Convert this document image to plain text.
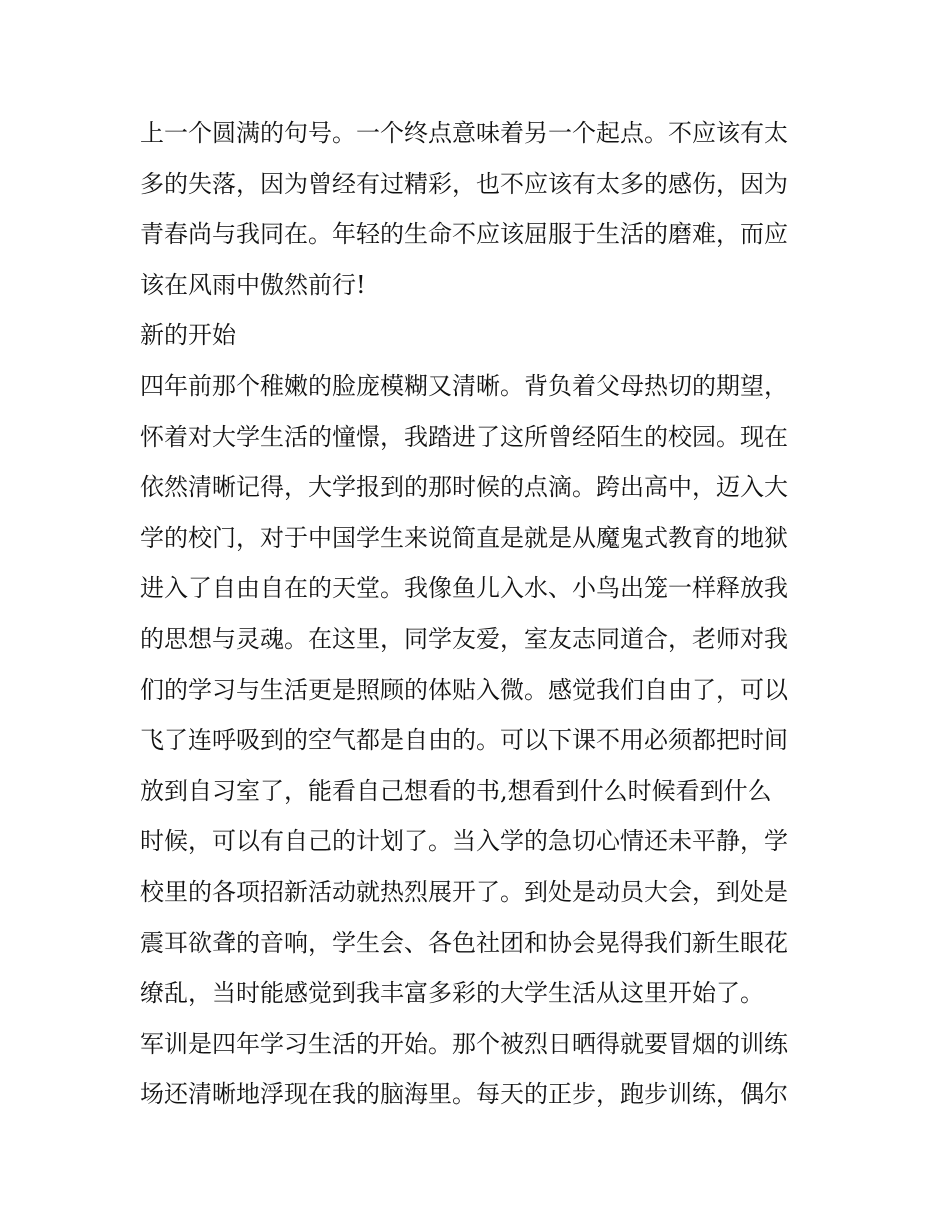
上一个圆满的句号。一个终点意味着另一个起点。不应该有太
多的失落，因为曾经有过精彩，也不应该有太多的感伤，因为
青春尚与我同在。年轻的生命不应该屈服于生活的磨难，而应
该在风雨中傲然前行!
新的开始
四年前那个稚嫩的脸庞模糊又清晰。背负着父母热切的期望，
怀着对大学生活的憧憬，我踏进了这所曾经陌生的校园。现在
依然清晰记得，大学报到的那时候的点滴。跨出高中，迈入大
学的校门，对于中国学生来说简直是就是从魔鬼式教育的地狱
进入了自由自在的天堂。我像鱼儿入水、小鸟出笼一样释放我
的思想与灵魂。在这里，同学友爱，室友志同道合，老师对我
们的学习与生活更是照顾的体贴入微。感觉我们自由了，可以
飞了连呼吸到的空气都是自由的。可以下课不用必须都把时间
放到自习室了，能看自己想看的书,想看到什么时候看到什么
时候，可以有自己的计划了。当入学的急切心情还未平静，学
校里的各项招新活动就热烈展开了。到处是动员大会，到处是
震耳欲聋的音响，学生会、各色社团和协会晃得我们新生眼花
缭乱，当时能感觉到我丰富多彩的大学生活从这里开始了。
军训是四年学习生活的开始。那个被烈日晒得就要冒烟的训练
场还清晰地浮现在我的脑海里。每天的正步，跑步训练，偶尔
